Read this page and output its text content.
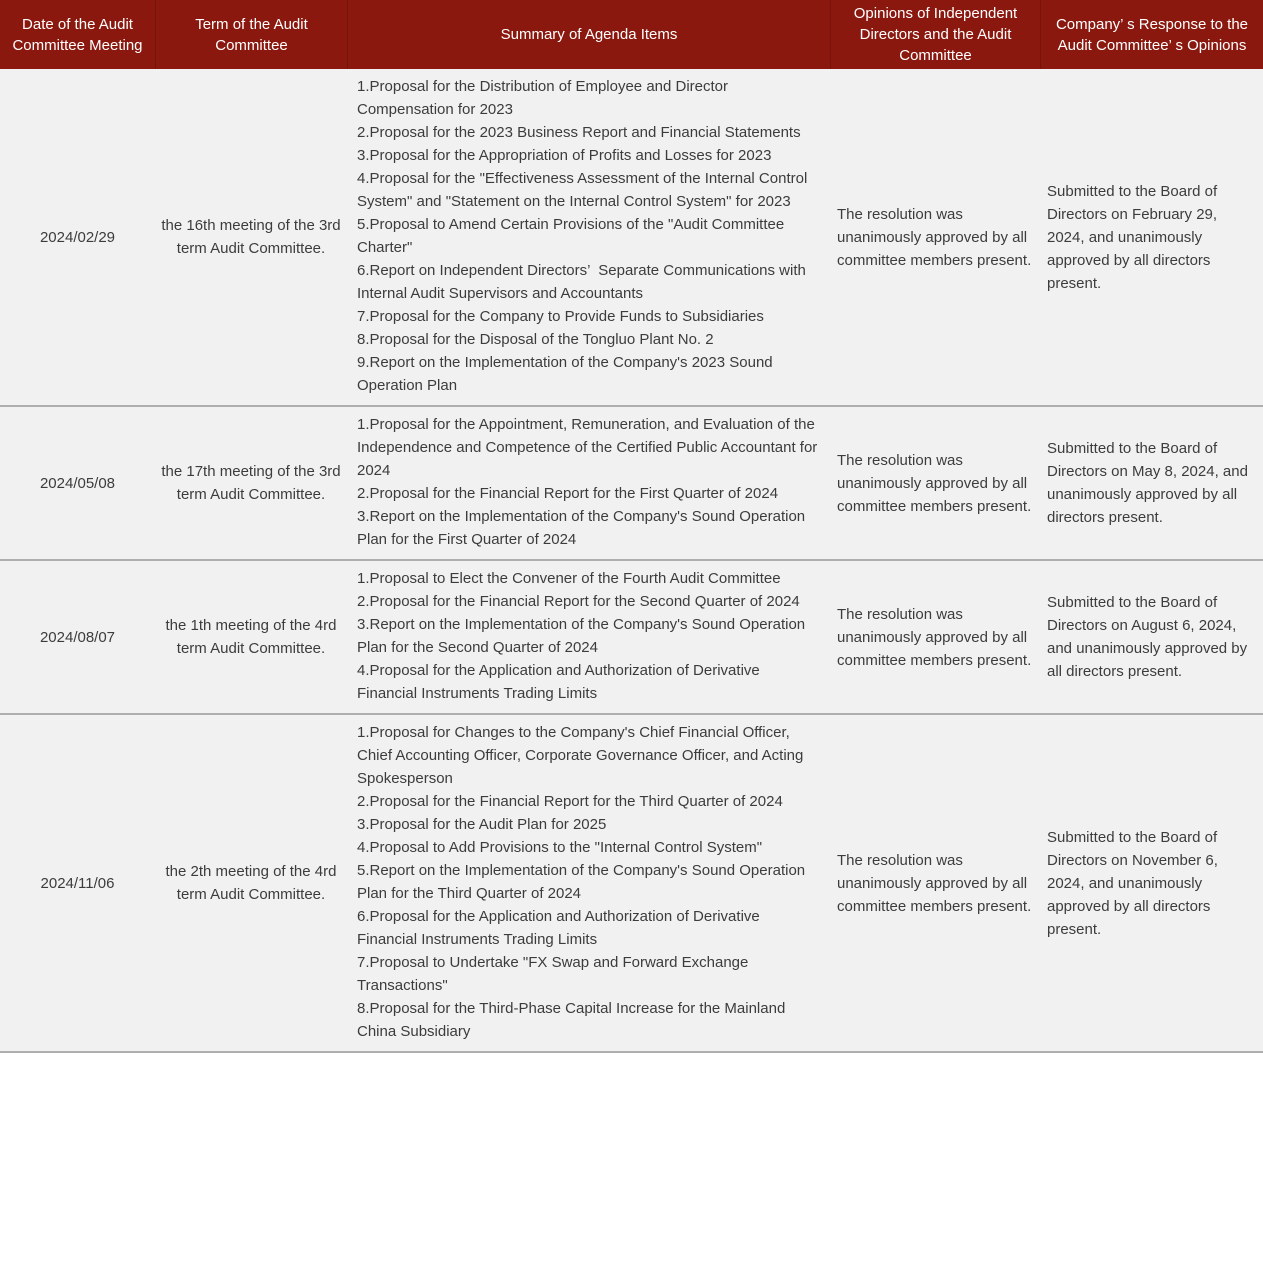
Date of the Audit Committee Meeting
Term of the Audit Committee
Summary of Agenda Items
Opinions of Independent Directors and the Audit Committee
Company’ s Response to the Audit Committee’ s Opinions
2024/02/29
the 16th meeting of the 3rd term Audit Committee.
1.Proposal for the Distribution of Employee and Director Compensation for 2023
2.Proposal for the 2023 Business Report and Financial Statements
3.Proposal for the Appropriation of Profits and Losses for 2023
4.Proposal for the "Effectiveness Assessment of the Internal Control System" and "Statement on the Internal Control System" for 2023
5.Proposal to Amend Certain Provisions of the "Audit Committee Charter"
6.Report on Independent Directors’  Separate Communications with Internal Audit Supervisors and Accountants
7.Proposal for the Company to Provide Funds to Subsidiaries
8.Proposal for the Disposal of the Tongluo Plant No. 2
9.Report on the Implementation of the Company's 2023 Sound Operation Plan
The resolution was unanimously approved by all committee members present.
Submitted to the Board of Directors on February 29, 2024, and unanimously approved by all directors present.
2024/05/08
the 17th meeting of the 3rd term Audit Committee.
1.Proposal for the Appointment, Remuneration, and Evaluation of the Independence and Competence of the Certified Public Accountant for 2024
2.Proposal for the Financial Report for the First Quarter of 2024
3.Report on the Implementation of the Company's Sound Operation Plan for the First Quarter of 2024
The resolution was unanimously approved by all committee members present.
Submitted to the Board of Directors on May 8, 2024, and unanimously approved by all directors present.
2024/08/07
the 1th meeting of the 4rd term Audit Committee.
1.Proposal to Elect the Convener of the Fourth Audit Committee
2.Proposal for the Financial Report for the Second Quarter of 2024
3.Report on the Implementation of the Company's Sound Operation Plan for the Second Quarter of 2024
4.Proposal for the Application and Authorization of Derivative Financial Instruments Trading Limits
The resolution was unanimously approved by all committee members present.
Submitted to the Board of Directors on August 6, 2024, and unanimously approved by all directors present.
2024/11/06
the 2th meeting of the 4rd term Audit Committee.
1.Proposal for Changes to the Company's Chief Financial Officer, Chief Accounting Officer, Corporate Governance Officer, and Acting Spokesperson
2.Proposal for the Financial Report for the Third Quarter of 2024
3.Proposal for the Audit Plan for 2025
4.Proposal to Add Provisions to the "Internal Control System"
5.Report on the Implementation of the Company's Sound Operation Plan for the Third Quarter of 2024
6.Proposal for the Application and Authorization of Derivative Financial Instruments Trading Limits
7.Proposal to Undertake "FX Swap and Forward Exchange Transactions"
8.Proposal for the Third-Phase Capital Increase for the Mainland China Subsidiary
The resolution was unanimously approved by all committee members present.
Submitted to the Board of Directors on November 6, 2024, and unanimously approved by all directors present.
